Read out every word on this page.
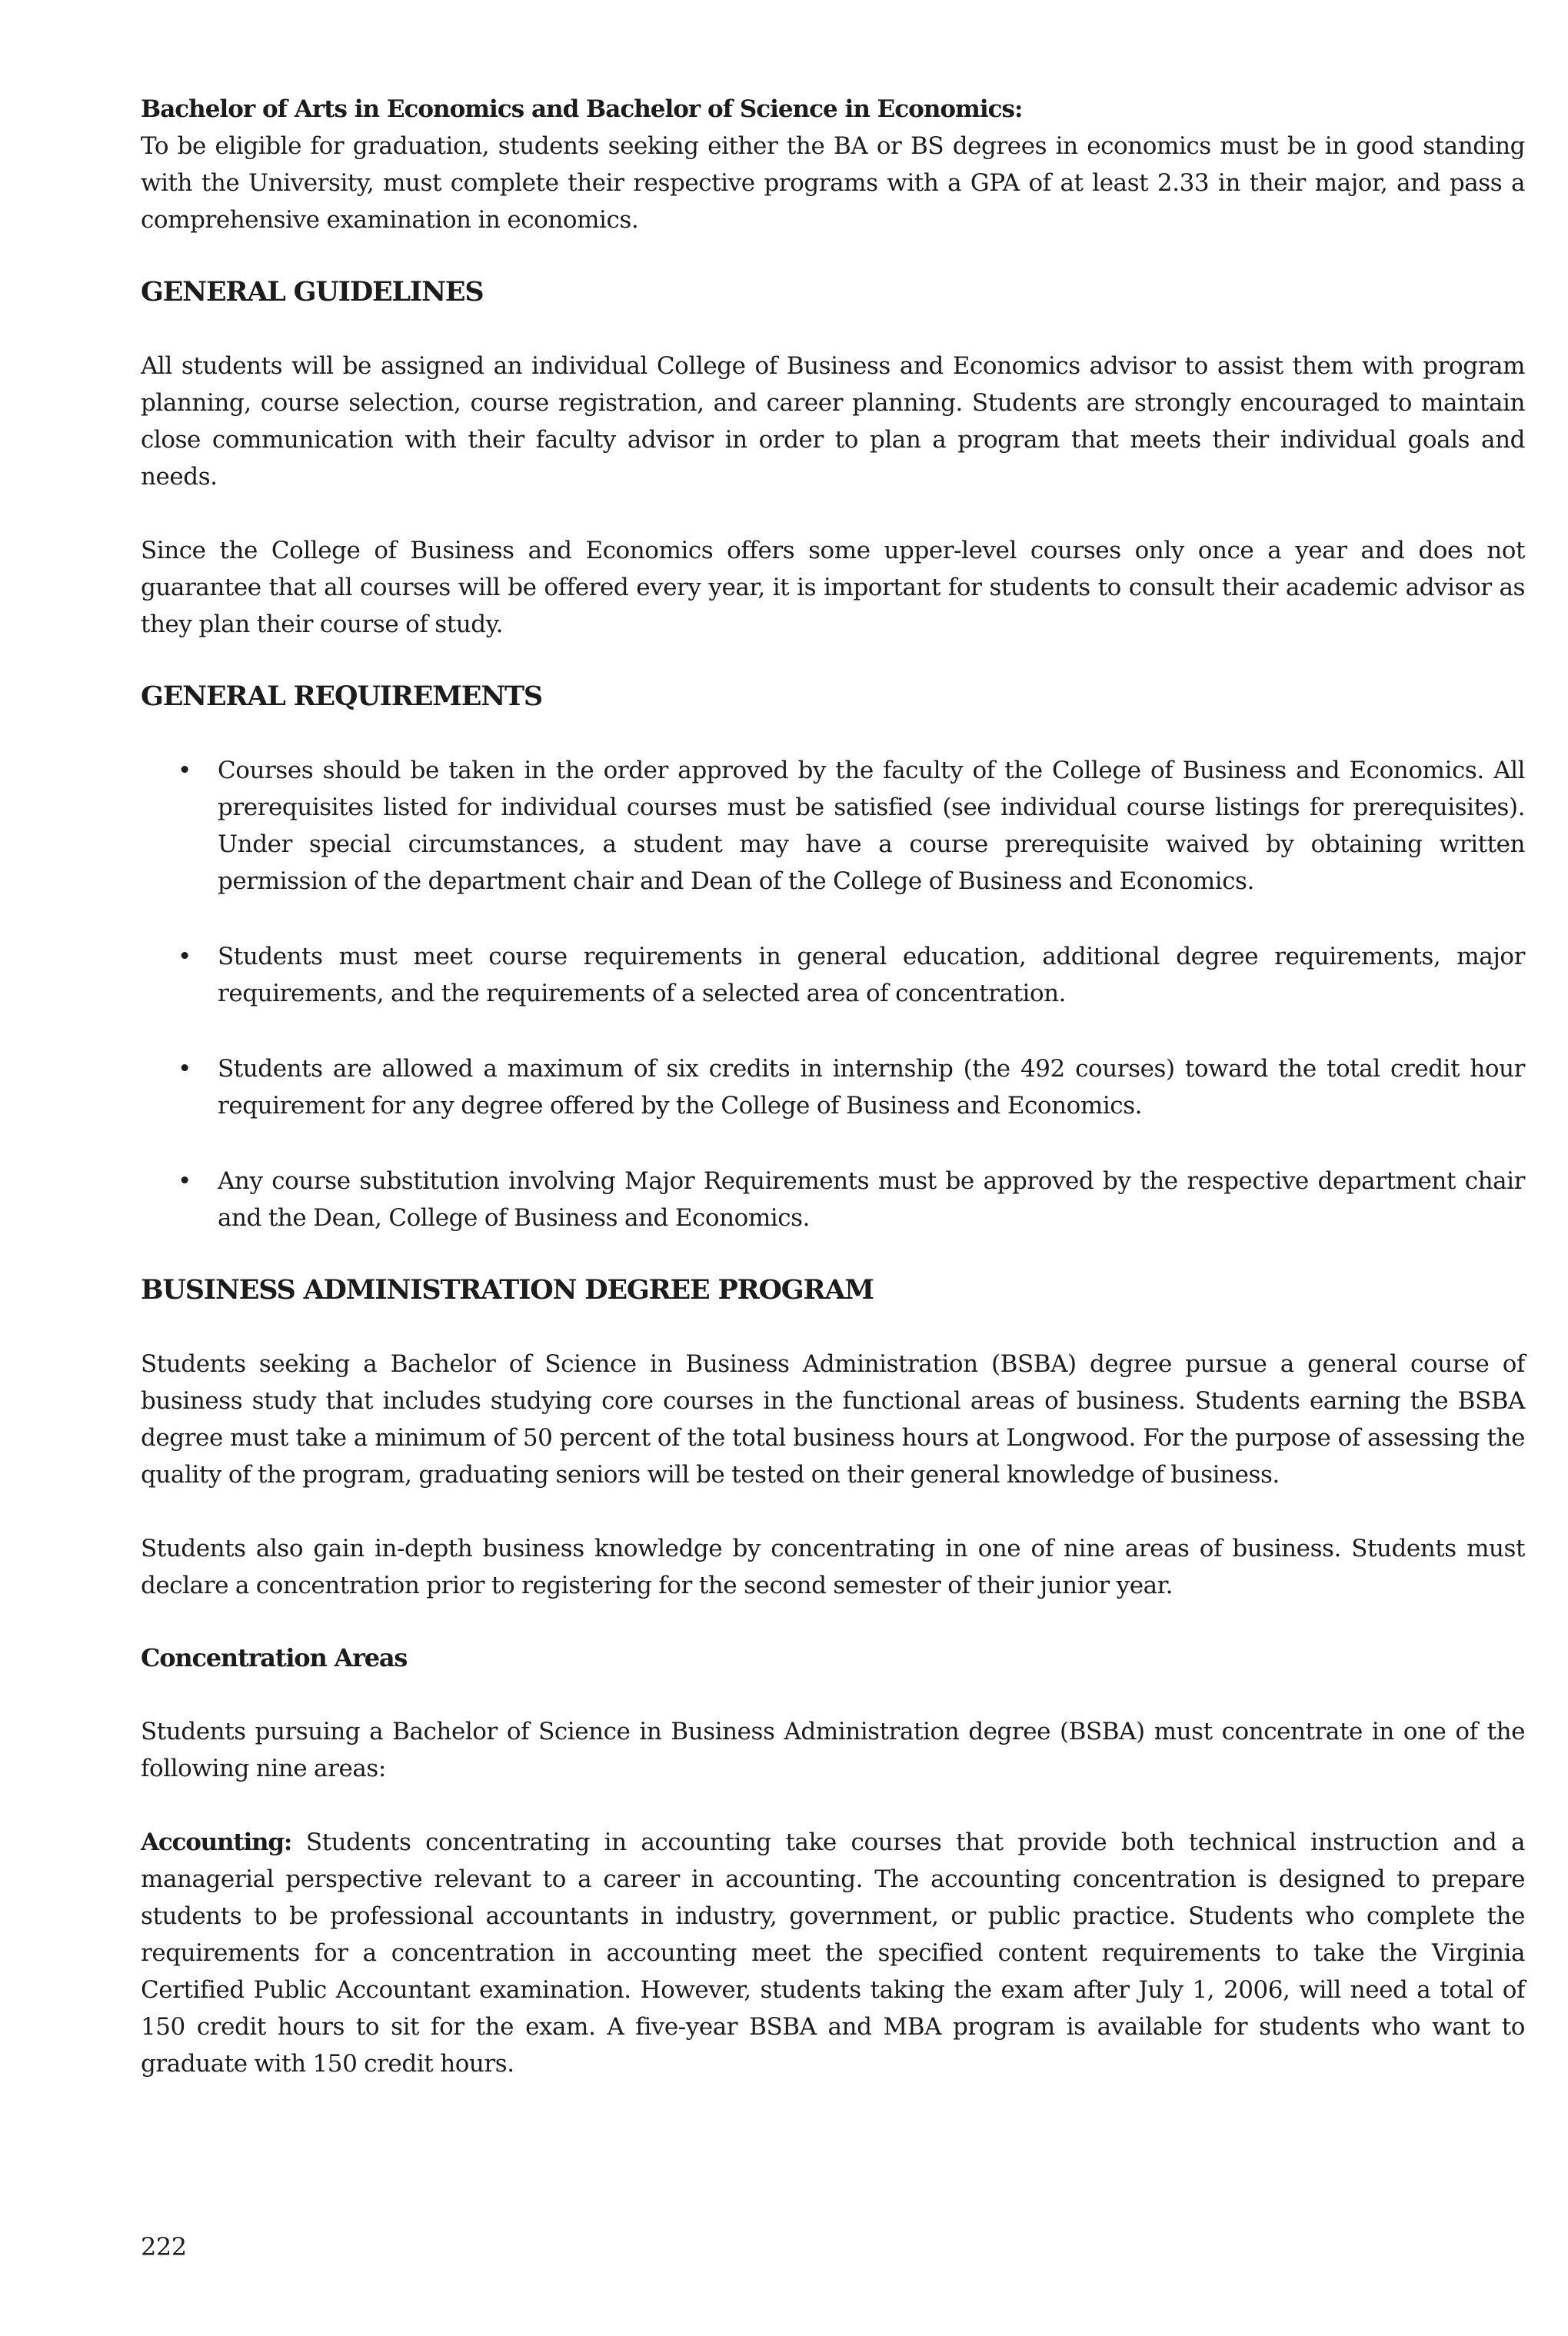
Bachelor of Arts in Economics and Bachelor of Science in Economics:

To be eligible for graduation, students seeking either the BA or BS degrees in economics must be in good standing with the University, must complete their respective programs with a GPA of at least 2.33 in their major, and pass a comprehensive examination in economics.

GENERAL GUIDELINES

All students will be assigned an individual College of Business and Economics advisor to assist them with program planning, course selection, course registration, and career planning. Students are strongly encouraged to maintain close communication with their faculty advisor in order to plan a program that meets their individual goals and needs.

Since the College of Business and Economics offers some upper-level courses only once a year and does not guarantee that all courses will be offered every year, it is important for students to consult their academic advisor as they plan their course of study.

GENERAL REQUIREMENTS
• Courses should be taken in the order approved by the faculty of the College of Business and Economics. All prerequisites listed for individual courses must be satisfied (see individual course listings for prerequisites). Under special circumstances, a student may have a course prerequisite waived by obtaining written permission of the department chair and Dean of the College of Business and Economics.

• Students must meet course requirements in general education, additional degree requirements, major requirements, and the requirements of a selected area of concentration.

• Students are allowed a maximum of six credits in internship (the 492 courses) toward the total credit hour requirement for any degree offered by the College of Business and Economics.

• Any course substitution involving Major Requirements must be approved by the respective department chair and the Dean, College of Business and Economics.

BUSINESS ADMINISTRATION DEGREE PROGRAM

Students seeking a Bachelor of Science in Business Administration (BSBA) degree pursue a general course of business study that includes studying core courses in the functional areas of business. Students earning the BSBA degree must take a minimum of 50 percent of the total business hours at Longwood. For the purpose of assessing the quality of the program, graduating seniors will be tested on their general knowledge of business.

Students also gain in-depth business knowledge by concentrating in one of nine areas of business. Students must declare a concentration prior to registering for the second semester of their junior year.

Concentration Areas

Students pursuing a Bachelor of Science in Business Administration degree (BSBA) must concentrate in one of the following nine areas:

Accounting: Students concentrating in accounting take courses that provide both technical instruction and a managerial perspective relevant to a career in accounting. The accounting concentration is designed to prepare students to be professional accountants in industry, government, or public practice. Students who complete the requirements for a concentration in accounting meet the specified content requirements to take the Virginia Certified Public Accountant examination. However, students taking the exam after July 1, 2006, will need a total of 150 credit hours to sit for the exam. A five-year BSBA and MBA program is available for students who want to graduate with 150 credit hours.

222
